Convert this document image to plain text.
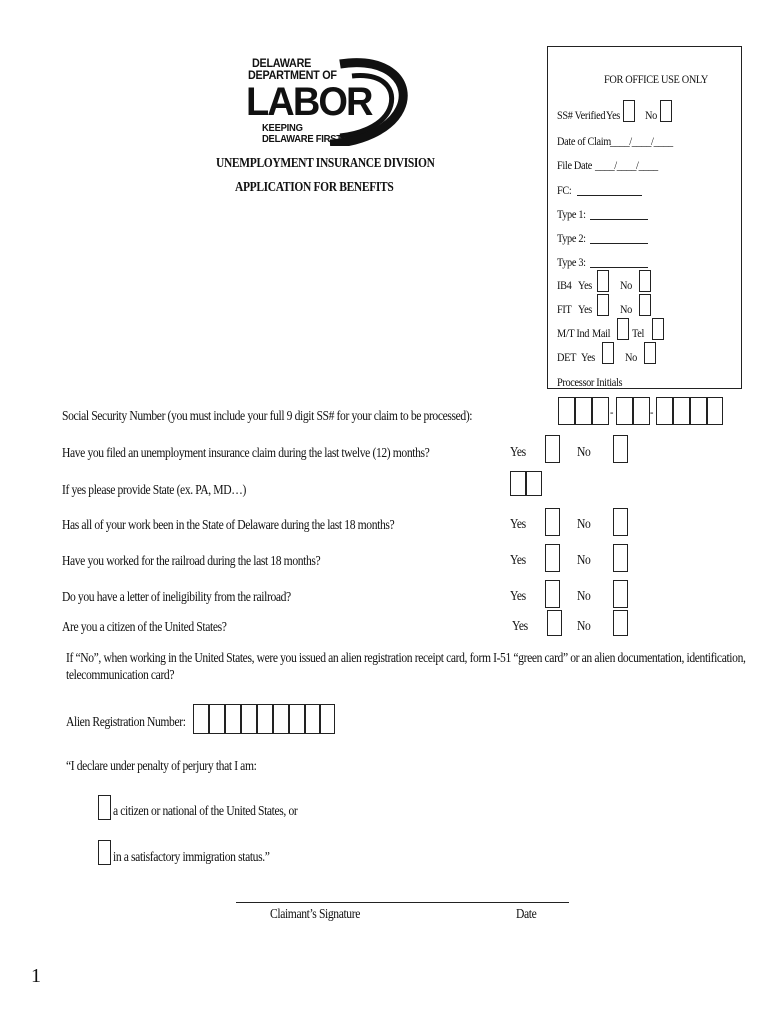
DELAWARE
DEPARTMENT OF
LABOR
KEEPING
DELAWARE FIRST
UNEMPLOYMENT INSURANCE DIVISION
APPLICATION FOR BENEFITS
FOR OFFICE USE ONLY
SS# Verified Yes No
Date of Claim ____/____/____
File Date ____/____/____
FC:
Type 1:
Type 2:
Type 3:
IB4 Yes No
FIT Yes No
M/T Ind Mail Tel
DET Yes	No
Processor Initials
Social Security Number (you must include your full 9 digit SS# for your claim to be processed):	-	-
Have you filed an unemployment insurance claim during the last twelve (12) months?	Yes	No
If yes please provide State (ex. PA, MD…)
Has all of your work been in the State of Delaware during the last 18 months?	Yes	No
Have you worked for the railroad during the last 18 months?	Yes	No
Do you have a letter of ineligibility from the railroad?	Yes	No
Are you a citizen of the United States?	Yes	No
If “No”, when working in the United States, were you issued an alien registration receipt card, form I-51 “green card” or an alien documentation, identification,
telecommunication card?
Alien Registration Number:
“I declare under penalty of perjury that I am:
a citizen or national of the United States, or
in a satisfactory immigration status.”
Claimant’s Signature	Date
1
